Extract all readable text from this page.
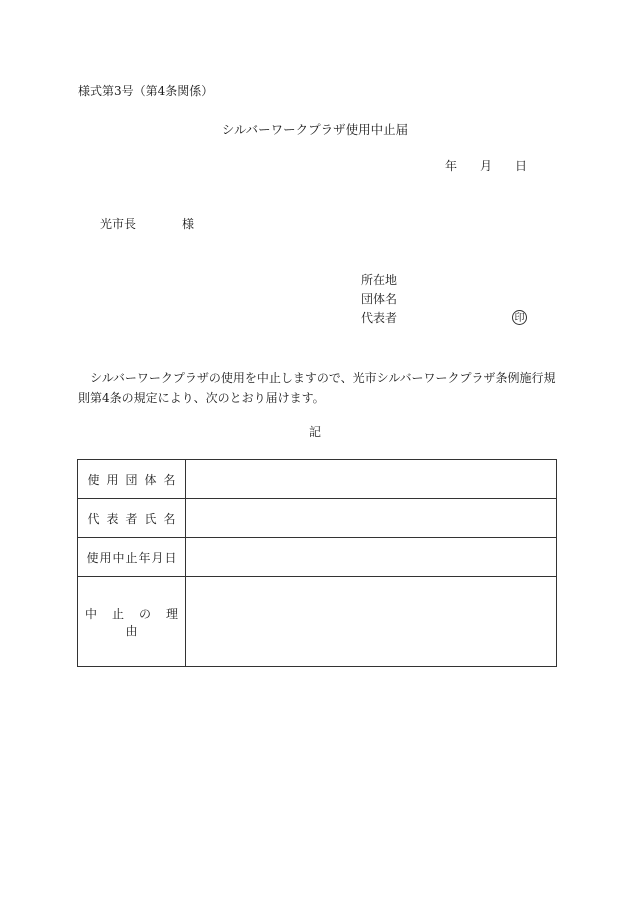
様式第3号（第4条関係）
シルバーワークプラザ使用中止届
年 月 日
光市長	様
所在地
団体名
代表者	印

　シルバーワークプラザの使用を中止しますので、光市シルバーワークプラザ条例施行規

則第4条の規定により、次のとおり届けます。

記
使用団体名	
代表者氏名	
使用中止年月日	
中止の理由	
